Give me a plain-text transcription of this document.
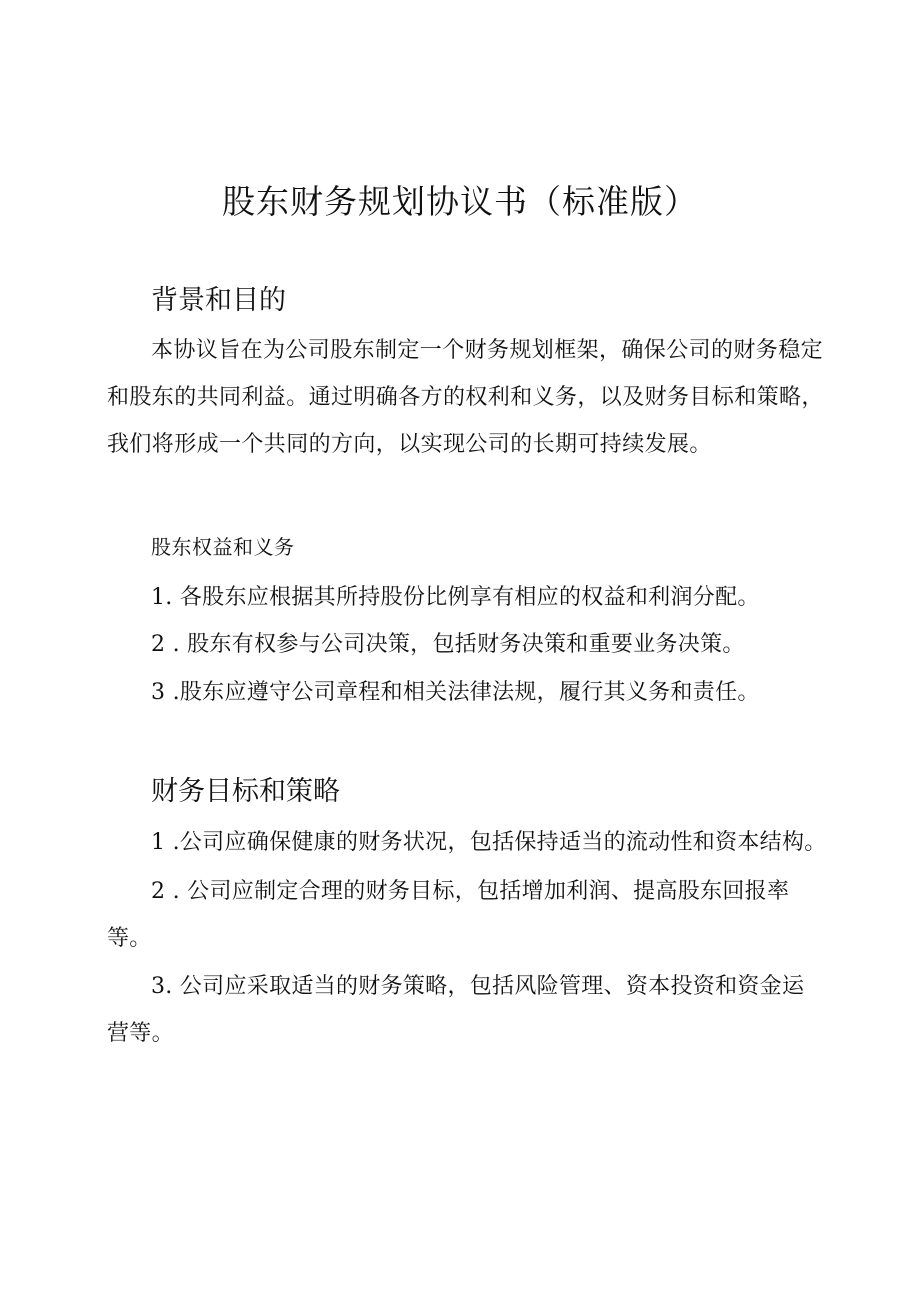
股东财务规划协议书（标准版）
背景和目的

本协议旨在为公司股东制定一个财务规划框架，确保公司的财务稳定和股东的共同利益。通过明确各方的权利和义务，以及财务目标和策略，我们将形成一个共同的方向，以实现公司的长期可持续发展。

股东权益和义务

1. 各股东应根据其所持股份比例享有相应的权益和利润分配。

2 . 股东有权参与公司决策，包括财务决策和重要业务决策。

3 .股东应遵守公司章程和相关法律法规，履行其义务和责任。

财务目标和策略

1 .公司应确保健康的财务状况，包括保持适当的流动性和资本结构。

2 . 公司应制定合理的财务目标，包括增加利润、提高股东回报率等。

3. 公司应采取适当的财务策略，包括风险管理、资本投资和资金运营等。
